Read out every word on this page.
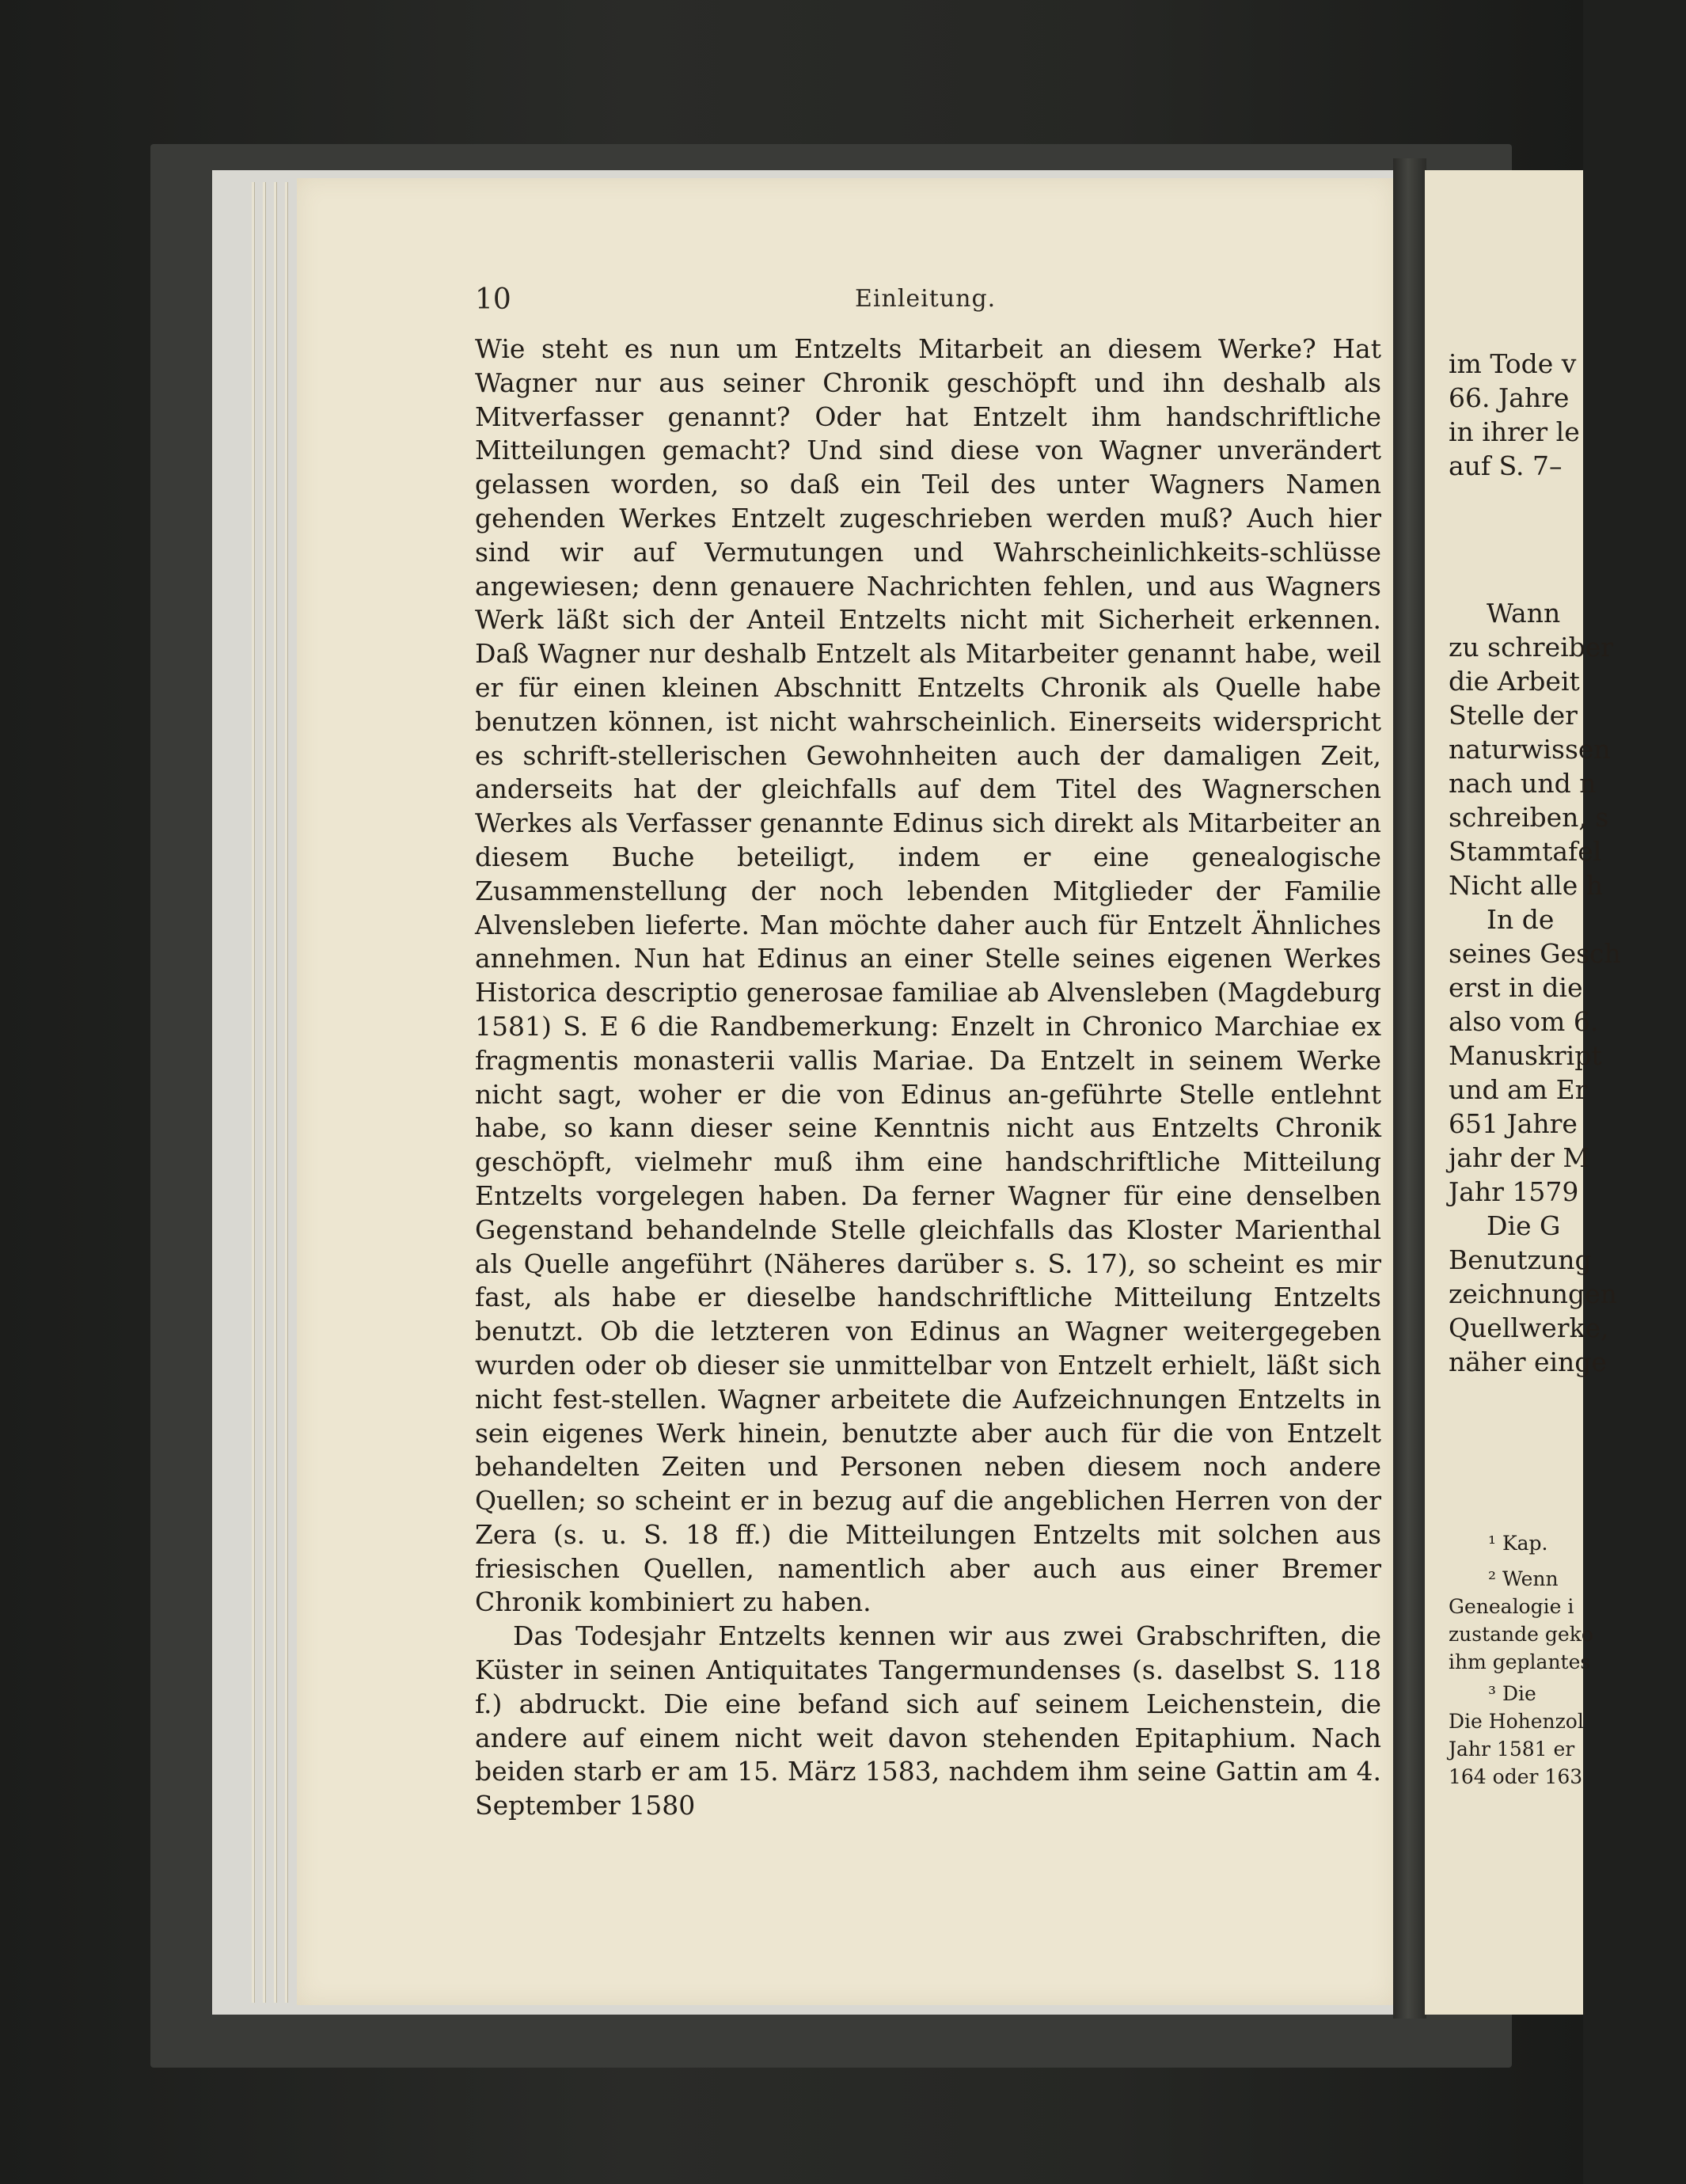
10	Einleitung.

Wie steht es nun um Entzelts Mitarbeit an diesem Werke? Hat Wagner nur aus seiner Chronik geschöpft und ihn deshalb als Mitverfasser genannt? Oder hat Entzelt ihm handschriftliche Mitteilungen gemacht? Und sind diese von Wagner unverändert gelassen worden, so daß ein Teil des unter Wagners Namen gehenden Werkes Entzelt zugeschrieben werden muß? Auch hier sind wir auf Vermutungen und Wahrscheinlichkeits-schlüsse angewiesen; denn genauere Nachrichten fehlen, und aus Wagners Werk läßt sich der Anteil Entzelts nicht mit Sicherheit erkennen. Daß Wagner nur deshalb Entzelt als Mitarbeiter genannt habe, weil er für einen kleinen Abschnitt Entzelts Chronik als Quelle habe benutzen können, ist nicht wahrscheinlich. Einerseits widerspricht es schrift-stellerischen Gewohnheiten auch der damaligen Zeit, anderseits hat der gleichfalls auf dem Titel des Wagnerschen Werkes als Verfasser genannte Edinus sich direkt als Mitarbeiter an diesem Buche beteiligt, indem er eine genealogische Zusammenstellung der noch lebenden Mitglieder der Familie Alvensleben lieferte. Man möchte daher auch für Entzelt Ähnliches annehmen. Nun hat Edinus an einer Stelle seines eigenen Werkes Historica descriptio generosae familiae ab Alvensleben (Magdeburg 1581) S. E 6 die Randbemerkung: Enzelt in Chronico Marchiae ex fragmentis monasterii vallis Mariae. Da Entzelt in seinem Werke nicht sagt, woher er die von Edinus an-geführte Stelle entlehnt habe, so kann dieser seine Kenntnis nicht aus Entzelts Chronik geschöpft, vielmehr muß ihm eine handschriftliche Mitteilung Entzelts vorgelegen haben. Da ferner Wagner für eine denselben Gegenstand behandelnde Stelle gleichfalls das Kloster Marienthal als Quelle angeführt (Näheres darüber s. S. 17), so scheint es mir fast, als habe er dieselbe handschriftliche Mitteilung Entzelts benutzt. Ob die letzteren von Edinus an Wagner weitergegeben wurden oder ob dieser sie unmittelbar von Entzelt erhielt, läßt sich nicht fest-stellen. Wagner arbeitete die Aufzeichnungen Entzelts in sein eigenes Werk hinein, benutzte aber auch für die von Entzelt behandelten Zeiten und Personen neben diesem noch andere Quellen; so scheint er in bezug auf die angeblichen Herren von der Zera (s. u. S. 18 ff.) die Mitteilungen Entzelts mit solchen aus friesischen Quellen, namentlich aber auch aus einer Bremer Chronik kombiniert zu haben.

Das Todesjahr Entzelts kennen wir aus zwei Grabschriften, die Küster in seinen Antiquitates Tangermundenses (s. daselbst S. 118 f.) abdruckt. Die eine befand sich auf seinem Leichenstein, die andere auf einem nicht weit davon stehenden Epitaphium. Nach beiden starb er am 15. März 1583, nachdem ihm seine Gattin am 4. September 1580

im Tode v
66. Jahre
in ihrer le
auf S. 7–
Wann
zu schreiber
die Arbeit
Stelle der
naturwissen
nach und n
schreiben, s
Stammtafel
Nicht alle h
In de
seines Gesch
erst in die
also vom 6.
Manuskript
und am Er
651 Jahre
jahr der M
Jahr 1579
Die G
Benutzung
zeichnungen
Quellwerke,
näher einge
¹ Kap.
² Wenn
Genealogie i
zustande geko
ihm geplantes
³ Die
Die Hohenzol
Jahr 1581 er
164 oder 163
